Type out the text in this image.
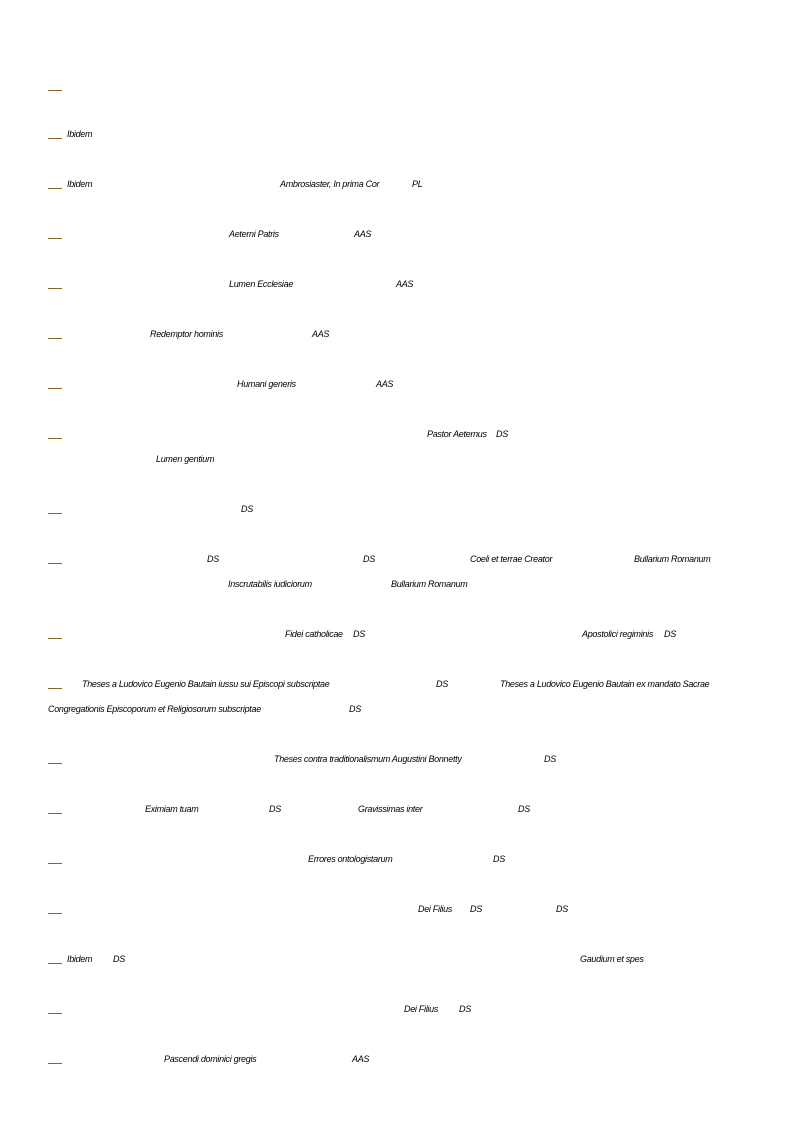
Ibidem
Ibidem	Ambrosiaster, In prima Cor	PL
Aeterni Patris	AAS
Lumen Ecclesiae	AAS
Redemptor hominis	AAS
Humani generis	AAS
Pastor Aeternus DS
Lumen gentium
DS
DS	DS	Coeli et terrae Creator	Bullarium Romanum
Inscrutabilis iudiciorum	Bullarium Romanum
Fidei catholicae DS	Apostolici regiminis DS
Theses a Ludovico Eugenio Bautain iussu sui Episcopi subscriptae	DS	Theses a Ludovico Eugenio Bautain ex mandato Sacrae
Congregationis Episcoporum et Religiosorum subscriptae	DS
Theses contra traditionalismum Augustini Bonnetty	DS
Eximiam tuam	DS	Gravissimas inter	DS
Errores ontologistarum	DS
Dei Filius DS	DS
Ibidem DS	Gaudium et spes
Dei Filius DS
Pascendi dominici gregis	AAS
